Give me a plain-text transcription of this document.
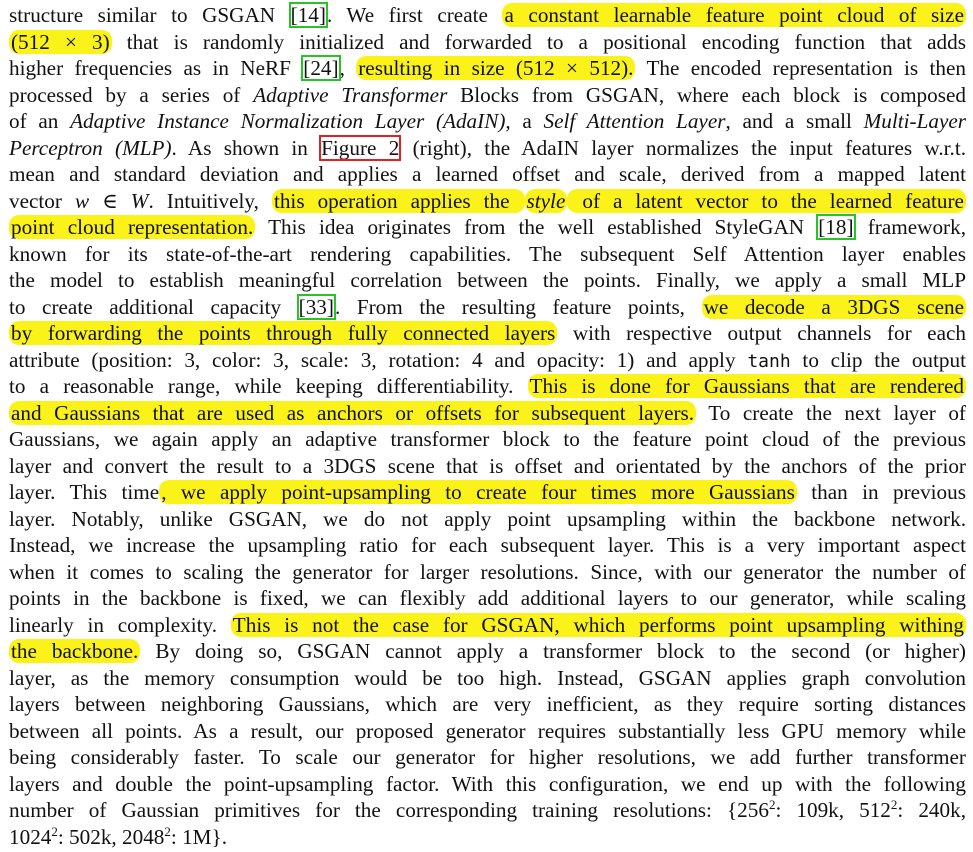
structure similar to GSGAN [14]. We first create a constant learnable feature point cloud of size
(512 × 3) that is randomly initialized and forwarded to a positional encoding function that adds
higher frequencies as in NeRF [24], resulting in size (512 × 512). The encoded representation is then
processed by a series of Adaptive Transformer Blocks from GSGAN, where each block is composed
of an Adaptive Instance Normalization Layer (AdaIN), a Self Attention Layer, and a small Multi-Layer
Perceptron (MLP). As shown in Figure 2 (right), the AdaIN layer normalizes the input features w.r.t.
mean and standard deviation and applies a learned offset and scale, derived from a mapped latent
vector w ∈ W. Intuitively, this operation applies the style of a latent vector to the learned feature
point cloud representation. This idea originates from the well established StyleGAN [18] framework,
known for its state-of-the-art rendering capabilities. The subsequent Self Attention layer enables
the model to establish meaningful correlation between the points. Finally, we apply a small MLP
to create additional capacity [33]. From the resulting feature points, we decode a 3DGS scene
by forwarding the points through fully connected layers with respective output channels for each
attribute (position: 3, color: 3, scale: 3, rotation: 4 and opacity: 1) and apply tanh to clip the output
to a reasonable range, while keeping differentiability. This is done for Gaussians that are rendered
and Gaussians that are used as anchors or offsets for subsequent layers. To create the next layer of
Gaussians, we again apply an adaptive transformer block to the feature point cloud of the previous
layer and convert the result to a 3DGS scene that is offset and orientated by the anchors of the prior
layer. This time, we apply point-upsampling to create four times more Gaussians than in previous
layer. Notably, unlike GSGAN, we do not apply point upsampling within the backbone network.
Instead, we increase the upsampling ratio for each subsequent layer. This is a very important aspect
when it comes to scaling the generator for larger resolutions. Since, with our generator the number of
points in the backbone is fixed, we can flexibly add additional layers to our generator, while scaling
linearly in complexity. This is not the case for GSGAN, which performs point upsampling withing
the backbone. By doing so, GSGAN cannot apply a transformer block to the second (or higher)
layer, as the memory consumption would be too high. Instead, GSGAN applies graph convolution
layers between neighboring Gaussians, which are very inefficient, as they require sorting distances
between all points. As a result, our proposed generator requires substantially less GPU memory while
being considerably faster. To scale our generator for higher resolutions, we add further transformer
layers and double the point-upsampling factor. With this configuration, we end up with the following
number of Gaussian primitives for the corresponding training resolutions: {$256^2$: 109k, $512^2$: 240k,
1024$^2$: 502k, 2048$^2$: 1M}.
